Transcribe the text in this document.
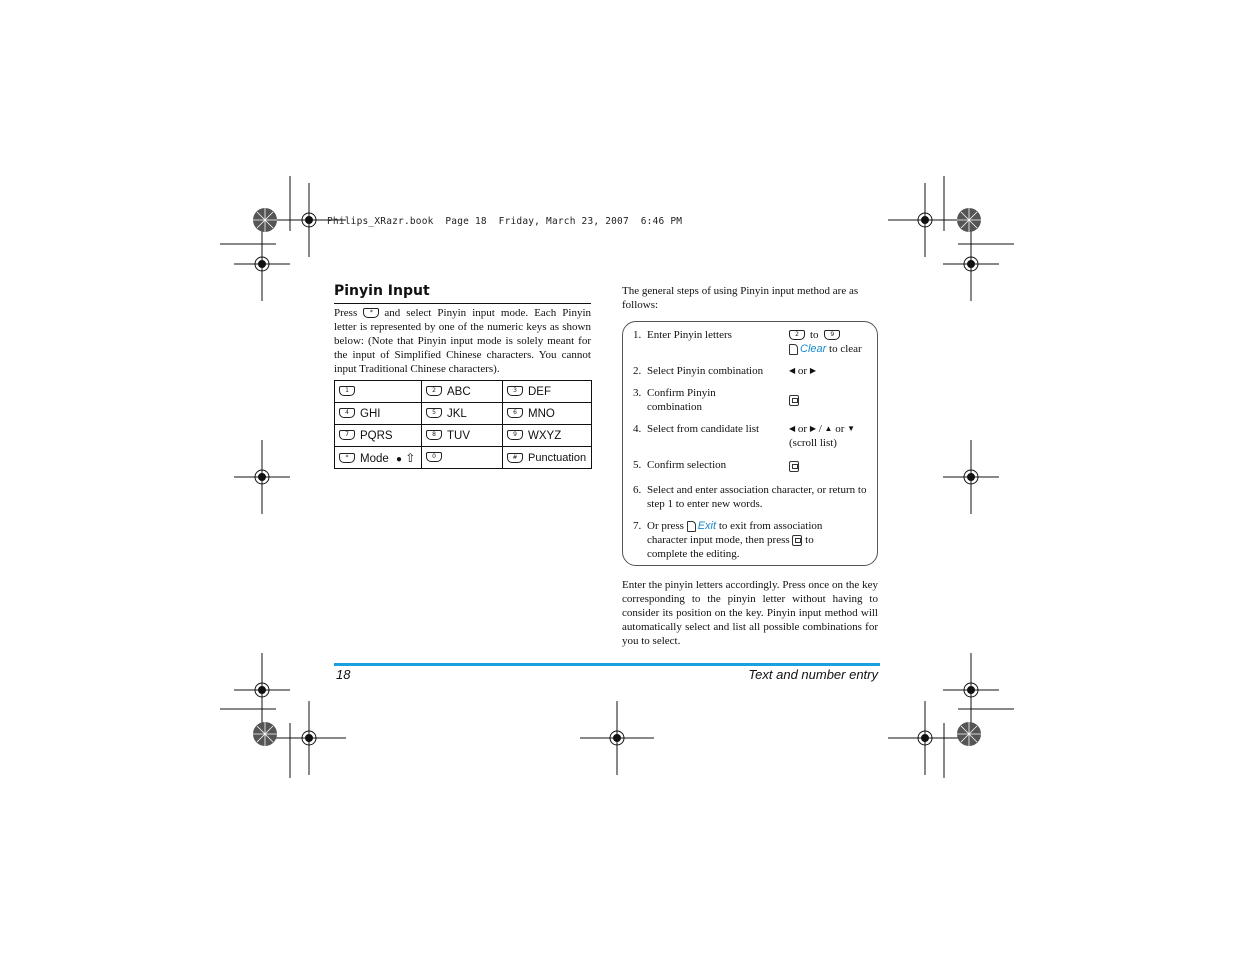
Philips_XRazr.book  Page 18  Friday, March 23, 2007  6:46 PM
Pinyin Input
Press * and select Pinyin input mode. Each Pinyin letter is represented by one of the numeric keys as shown below: (Note that Pinyin input mode is solely meant for the input of Simplified Chinese characters. You cannot input Traditional Chinese characters).
1	2 ABC	3 DEF
4 GHI	5 JKL	6 MNO
7 PQRS	8 TUV	9 WXYZ
* Mode ● ⇧	0	# Punctuation
The general steps of using Pinyin input method are as follows:
1. Enter Pinyin letters	2 to 9
Clear to clear
2. Select Pinyin combination	◀ or ▶
3. Confirm Pinyin combination
4. Select from candidate list	◀ or ▶ / ▲ or ▼
(scroll list)
5. Confirm selection
6. Select and enter association character, or return to step 1 to enter new words.
7. Or press Exit to exit from association character input mode, then press to complete the editing.
Enter the pinyin letters accordingly. Press once on the key corresponding to the pinyin letter without having to consider its position on the key. Pinyin input method will automatically select and list all possible combinations for you to select.
18	Text and number entry
